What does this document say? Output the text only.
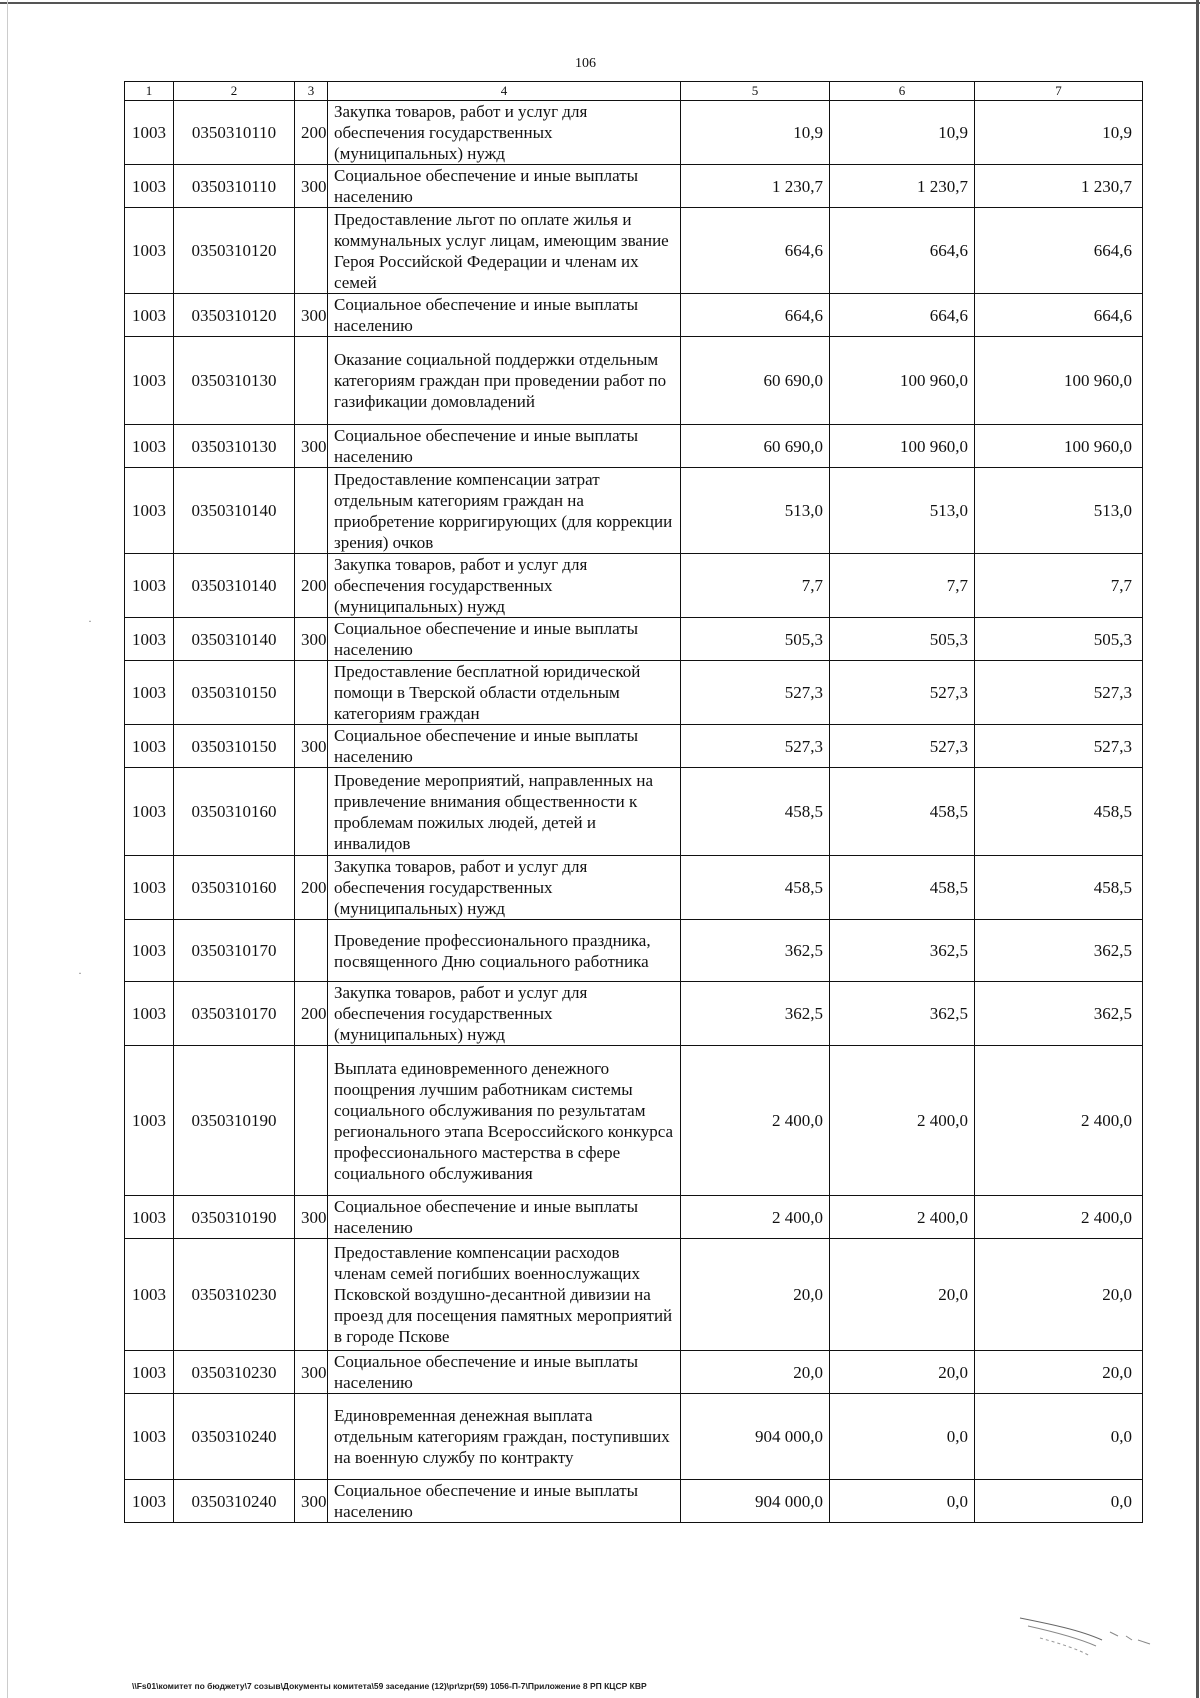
106
1	2	3	4	5	6	7
1003	0350310110	200	Закупка товаров, работ и услуг для обеспечения государственных (муниципальных) нужд	10,9	10,9	10,9
1003	0350310110	300	Социальное обеспечение и иные выплаты населению	1 230,7	1 230,7	1 230,7
1003	0350310120		Предоставление льгот по оплате жилья и коммунальных услуг лицам, имеющим звание Героя Российской Федерации и членам их семей	664,6	664,6	664,6
1003	0350310120	300	Социальное обеспечение и иные выплаты населению	664,6	664,6	664,6
1003	0350310130		Оказание социальной поддержки отдельным категориям граждан при проведении работ по газификации домовладений	60 690,0	100 960,0	100 960,0
1003	0350310130	300	Социальное обеспечение и иные выплаты населению	60 690,0	100 960,0	100 960,0
1003	0350310140		Предоставление компенсации затрат отдельным категориям граждан на приобретение корригирующих (для коррекции зрения) очков	513,0	513,0	513,0
1003	0350310140	200	Закупка товаров, работ и услуг для обеспечения государственных (муниципальных) нужд	7,7	7,7	7,7
1003	0350310140	300	Социальное обеспечение и иные выплаты населению	505,3	505,3	505,3
1003	0350310150		Предоставление бесплатной юридической помощи в Тверской области отдельным категориям граждан	527,3	527,3	527,3
1003	0350310150	300	Социальное обеспечение и иные выплаты населению	527,3	527,3	527,3
1003	0350310160		Проведение мероприятий, направленных на привлечение внимания общественности к проблемам пожилых людей, детей и инвалидов	458,5	458,5	458,5
1003	0350310160	200	Закупка товаров, работ и услуг для обеспечения государственных (муниципальных) нужд	458,5	458,5	458,5
1003	0350310170		Проведение профессионального праздника, посвященного Дню социального работника	362,5	362,5	362,5
1003	0350310170	200	Закупка товаров, работ и услуг для обеспечения государственных (муниципальных) нужд	362,5	362,5	362,5
1003	0350310190		Выплата единовременного денежного поощрения лучшим работникам системы социального обслуживания по результатам регионального этапа Всероссийского конкурса профессионального мастерства в сфере социального обслуживания	2 400,0	2 400,0	2 400,0
1003	0350310190	300	Социальное обеспечение и иные выплаты населению	2 400,0	2 400,0	2 400,0
1003	0350310230		Предоставление компенсации расходов членам семей погибших военнослужащих Псковской воздушно-десантной дивизии на проезд для посещения памятных мероприятий в городе Пскове	20,0	20,0	20,0
1003	0350310230	300	Социальное обеспечение и иные выплаты населению	20,0	20,0	20,0
1003	0350310240		Единовременная денежная выплата отдельным категориям граждан, поступивших на военную службу по контракту	904 000,0	0,0	0,0
1003	0350310240	300	Социальное обеспечение и иные выплаты населению	904 000,0	0,0	0,0
·
·
\\Fs01\комитет по бюджету\7 созыв\Документы комитета\59 заседание (12)\pr\zpr(59) 1056-П-7\Приложение 8 РП КЦСР КВР
